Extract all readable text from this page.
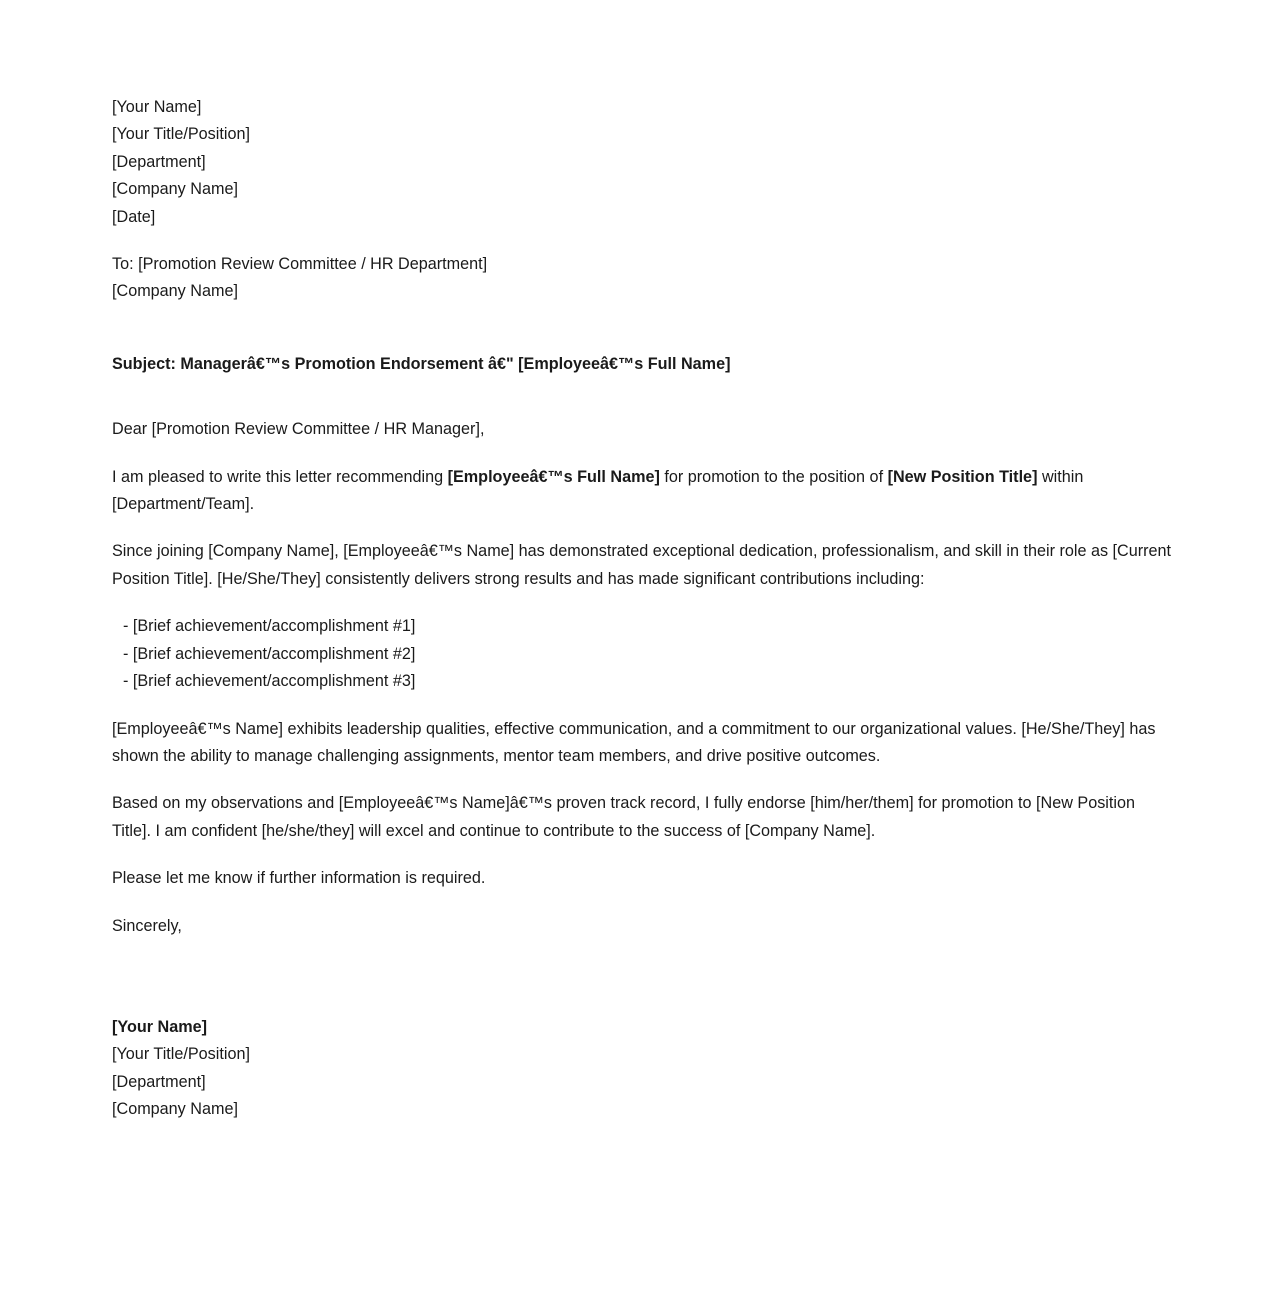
[Your Name]

[Your Title/Position]

[Department]

[Company Name]

[Date]

To: [Promotion Review Committee / HR Department]

[Company Name]

Subject: Managerâ€™s Promotion Endorsement â€" [Employeeâ€™s Full Name]

Dear [Promotion Review Committee / HR Manager],

I am pleased to write this letter recommending [Employeeâ€™s Full Name] for promotion to the position of [New Position Title] within [Department/Team].

Since joining [Company Name], [Employeeâ€™s Name] has demonstrated exceptional dedication, professionalism, and skill in their role as [Current Position Title]. [He/She/They] consistently delivers strong results and has made significant contributions including:

- [Brief achievement/accomplishment #1]
- [Brief achievement/accomplishment #2]
- [Brief achievement/accomplishment #3]

[Employeeâ€™s Name] exhibits leadership qualities, effective communication, and a commitment to our organizational values. [He/She/They] has shown the ability to manage challenging assignments, mentor team members, and drive positive outcomes.

Based on my observations and [Employeeâ€™s Name]â€™s proven track record, I fully endorse [him/her/them] for promotion to [New Position Title]. I am confident [he/she/they] will excel and continue to contribute to the success of [Company Name].

Please let me know if further information is required.

Sincerely,

[Your Name]

[Your Title/Position]

[Department]

[Company Name]
